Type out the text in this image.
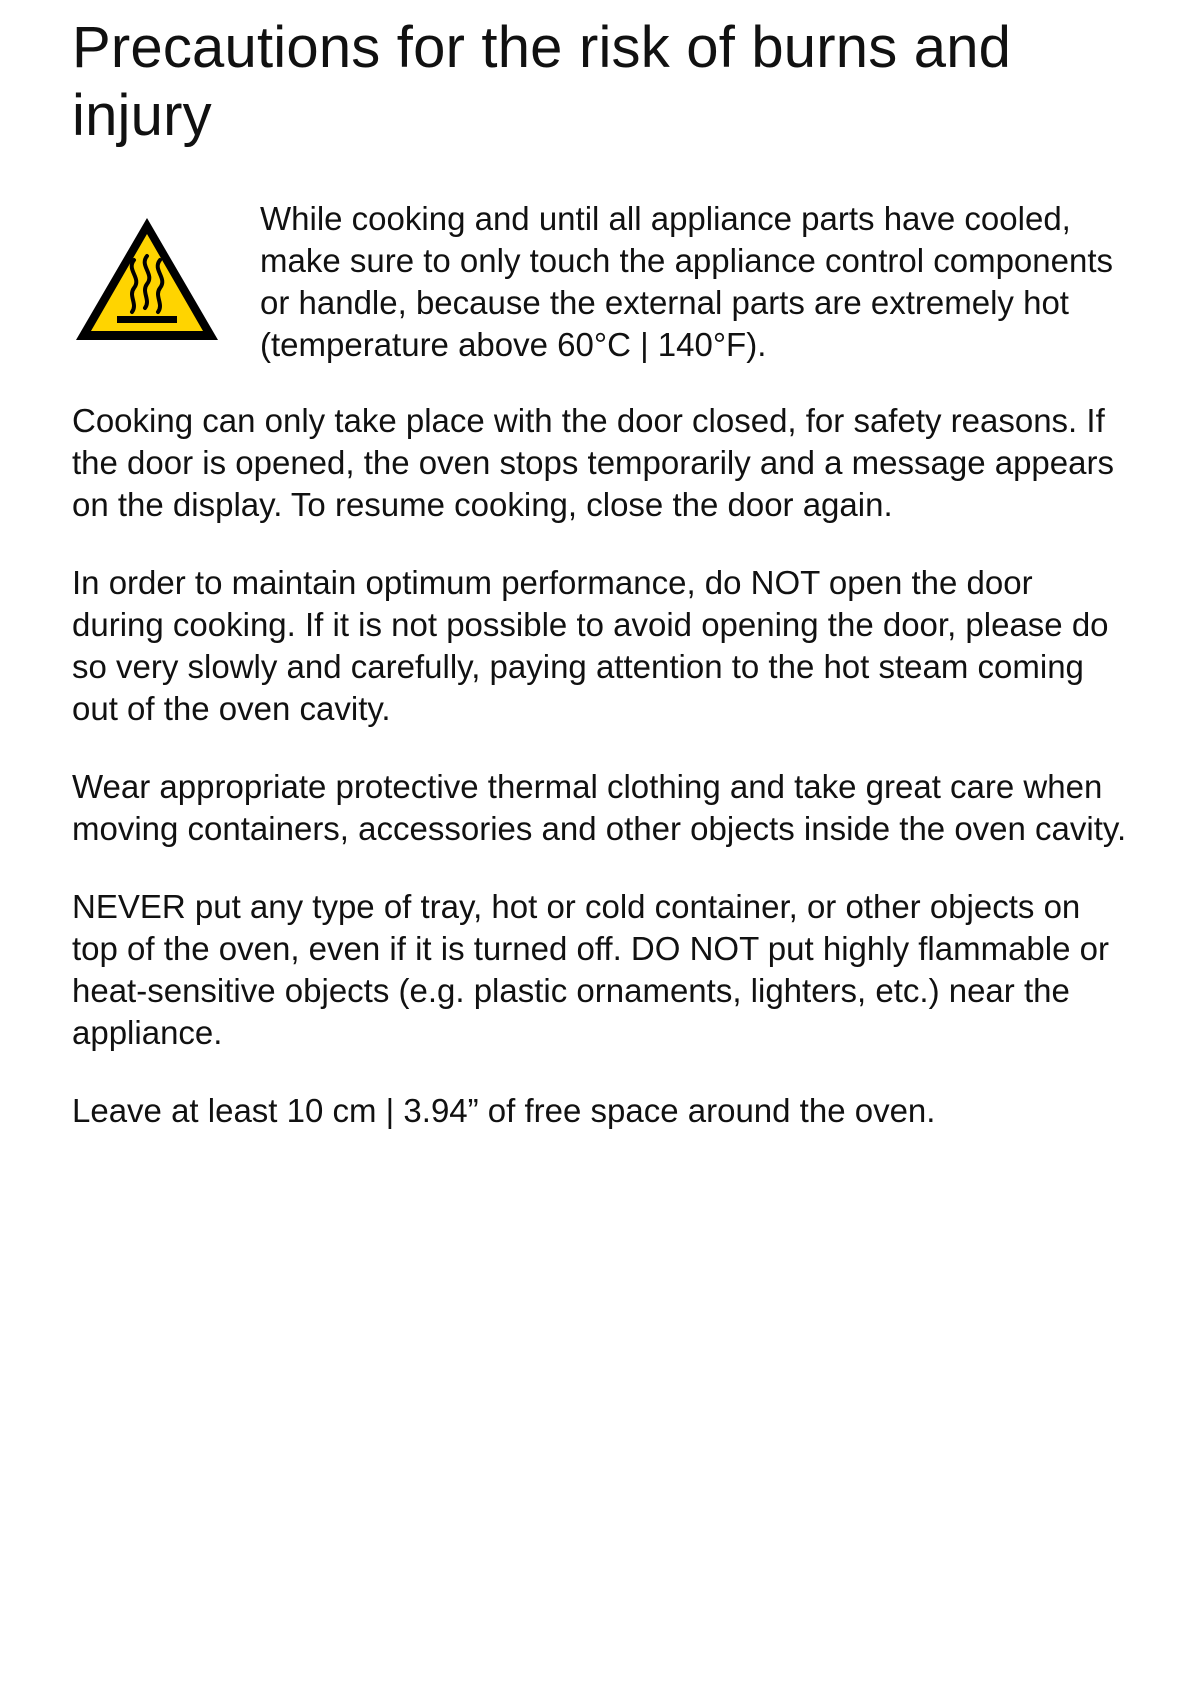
Precautions for the risk of burns and injury

While cooking and until all appliance parts have cooled, make sure to only touch the appliance control components or handle, because the external parts are extremely hot (temperature above 60°C | 140°F).

Cooking can only take place with the door closed, for safety reasons. If the door is opened, the oven stops temporarily and a message appears on the display. To resume cooking, close the door again.

In order to maintain optimum performance, do NOT open the door during cooking. If it is not possible to avoid opening the door, please do so very slowly and carefully, paying attention to the hot steam coming out of the oven cavity.

Wear appropriate protective thermal clothing and take great care when moving containers, accessories and other objects inside the oven cavity.

NEVER put any type of tray, hot or cold container, or other objects on top of the oven, even if it is turned off. DO NOT put highly flammable or heat-sensitive objects (e.g. plastic ornaments, lighters, etc.) near the appliance.

Leave at least 10 cm | 3.94” of free space around the oven.
